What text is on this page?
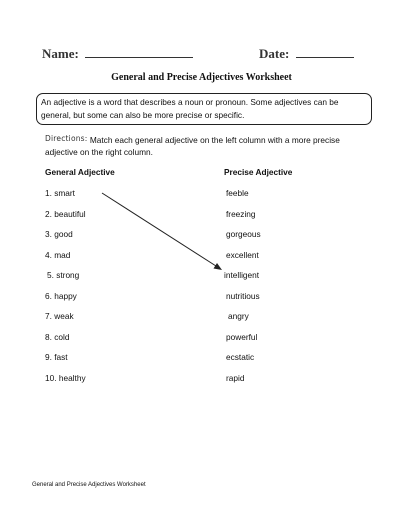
Name:	Date:
General and Precise Adjectives Worksheet
An adjective is a word that describes a noun or pronoun. Some adjectives can be general, but some can also be more precise or specific.
Directions: Match each general adjective on the left column with a more precise adjective on the right column.
General Adjective	Precise Adjective
1. smart
2. beautiful
3. good
4. mad
5. strong
6. happy
7. weak
8. cold
9. fast
10. healthy
feeble
freezing
gorgeous
excellent
intelligent
nutritious
angry
powerful
ecstatic
rapid
General and Precise Adjectives Worksheet
